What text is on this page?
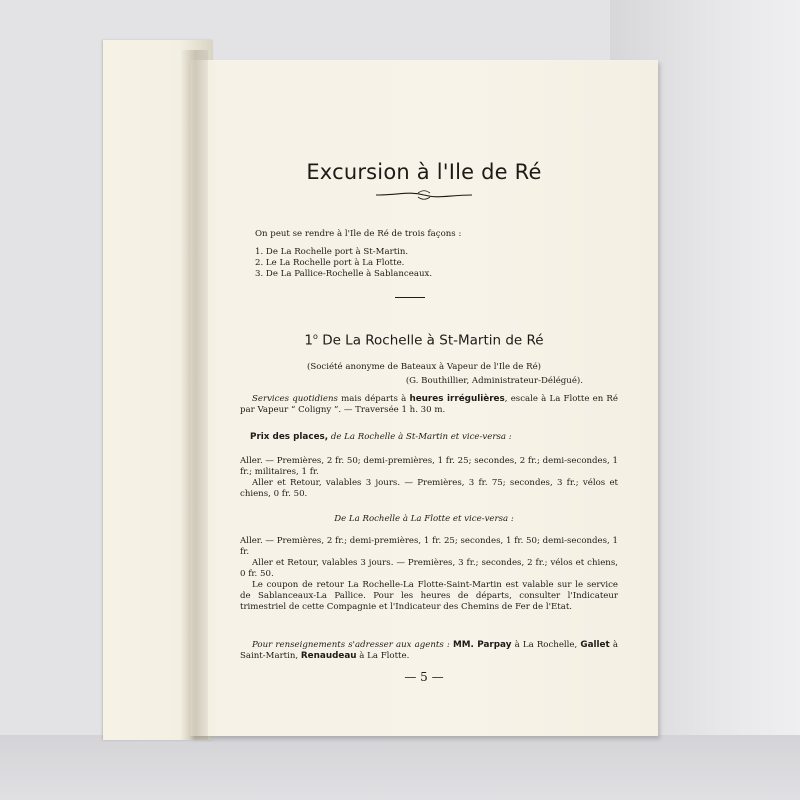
Excursion à l'Ile de Ré
On peut se rendre à l'Ile de Ré de trois façons :
1. De La Rochelle port à St-Martin.
2. Le La Rochelle port à La Flotte.
3. De La Pallice-Rochelle à Sablanceaux.
1$^o$ De La Rochelle à St-Martin de Ré
(Société anonyme de Bateaux à Vapeur de l'Ile de Ré)
(G. Bouthillier, Administrateur-Délégué).
Services quotidiens mais départs à heures irrégulières, escale à La Flotte en Ré par Vapeur “ Coligny ”. — Traversée 1 h. 30 m.
Prix des places, de La Rochelle à St-Martin et vice-versa :
Aller. — Premières, 2 fr. 50; demi-premières, 1 fr. 25; secondes, 2 fr.; demi-secondes, 1 fr.; militaires, 1 fr.
Aller et Retour, valables 3 jours. — Premières, 3 fr. 75; secondes, 3 fr.; vélos et chiens, 0 fr. 50.
De La Rochelle à La Flotte et vice-versa :
Aller. — Premières, 2 fr.; demi-premières, 1 fr. 25; secondes, 1 fr. 50; demi-secondes, 1 fr.
Aller et Retour, valables 3 jours. — Premières, 3 fr.; secondes, 2 fr.; vélos et chiens, 0 fr. 50.
Le coupon de retour La Rochelle-La Flotte-Saint-Martin est valable sur le service de Sablanceaux-La Pallice. Pour les heures de départs, consulter l'Indicateur trimestriel de cette Compagnie et l'Indicateur des Chemins de Fer de l'Etat.
Pour renseignements s'adresser aux agents : MM. Parpay à La Rochelle, Gallet à Saint-Martin, Renaudeau à La Flotte.
— 5 —
